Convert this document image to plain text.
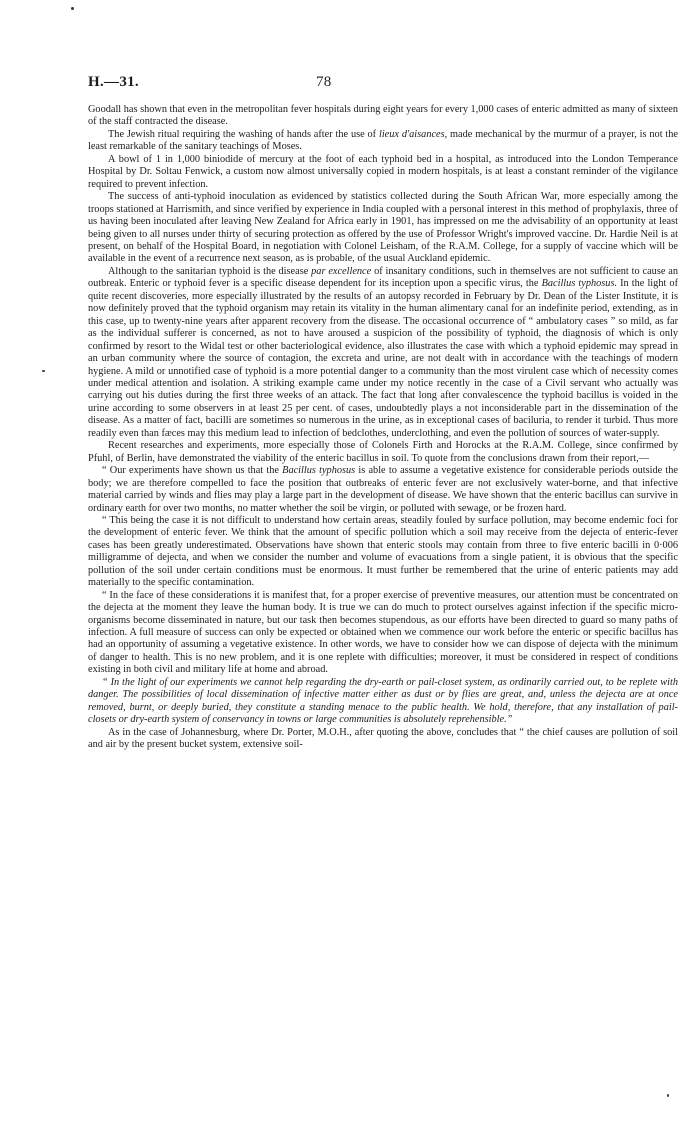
H.—31.	78

Goodall has shown that even in the metropolitan fever hospitals during eight years for every 1,000 cases of enteric admitted as many of sixteen of the staff contracted the disease.

The Jewish ritual requiring the washing of hands after the use of lieux d'aisances, made mechanical by the murmur of a prayer, is not the least remarkable of the sanitary teachings of Moses.

A bowl of 1 in 1,000 biniodide of mercury at the foot of each typhoid bed in a hospital, as introduced into the London Temperance Hospital by Dr. Soltau Fenwick, a custom now almost universally copied in modern hospitals, is at least a constant reminder of the vigilance required to prevent infection.

The success of anti-typhoid inoculation as evidenced by statistics collected during the South African War, more especially among the troops stationed at Harrismith, and since verified by experience in India coupled with a personal interest in this method of prophylaxis, three of us having been inoculated after leaving New Zealand for Africa early in 1901, has impressed on me the advisability of an opportunity at least being given to all nurses under thirty of securing protection as offered by the use of Professor Wright's improved vaccine. Dr. Hardie Neil is at present, on behalf of the Hospital Board, in negotiation with Colonel Leisham, of the R.A.M. College, for a supply of vaccine which will be available in the event of a recurrence next season, as is probable, of the usual Auckland epidemic.

Although to the sanitarian typhoid is the disease par excellence of insanitary conditions, such in themselves are not sufficient to cause an outbreak. Enteric or typhoid fever is a specific disease dependent for its inception upon a specific virus, the Bacillus typhosus. In the light of quite recent discoveries, more especially illustrated by the results of an autopsy recorded in February by Dr. Dean of the Lister Institute, it is now definitely proved that the typhoid organism may retain its vitality in the human alimentary canal for an indefinite period, extending, as in this case, up to twenty-nine years after apparent recovery from the disease. The occasional occurrence of “ ambulatory cases ” so mild, as far as the individual sufferer is concerned, as not to have aroused a suspicion of the possibility of typhoid, the diagnosis of which is only confirmed by resort to the Widal test or other bacteriological evidence, also illustrates the case with which a typhoid epidemic may spread in an urban community where the source of contagion, the excreta and urine, are not dealt with in accordance with the teachings of modern hygiene. A mild or unnotified case of typhoid is a more potential danger to a community than the most virulent case which of necessity comes under medical attention and isolation. A striking example came under my notice recently in the case of a Civil servant who actually was carrying out his duties during the first three weeks of an attack. The fact that long after convalescence the typhoid bacillus is voided in the urine according to some observers in at least 25 per cent. of cases, undoubtedly plays a not inconsiderable part in the dissemination of the disease. As a matter of fact, bacilli are sometimes so numerous in the urine, as in exceptional cases of baciluria, to render it turbid. Thus more readily even than fæces may this medium lead to infection of bedclothes, underclothing, and even the pollution of sources of water-supply.

Recent researches and experiments, more especially those of Colonels Firth and Horocks at the R.A.M. College, since confirmed by Pfuhl, of Berlin, have demonstrated the viability of the enteric bacillus in soil. To quote from the conclusions drawn from their report,—

“ Our experiments have shown us that the Bacillus typhosus is able to assume a vegetative existence for considerable periods outside the body; we are therefore compelled to face the position that outbreaks of enteric fever are not exclusively water-borne, and that infective material carried by winds and flies may play a large part in the development of disease. We have shown that the enteric bacillus can survive in ordinary earth for over two months, no matter whether the soil be virgin, or polluted with sewage, or be frozen hard.

“ This being the case it is not difficult to understand how certain areas, steadily fouled by surface pollution, may become endemic foci for the development of enteric fever. We think that the amount of specific pollution which a soil may receive from the dejecta of enteric-fever cases has been greatly underestimated. Observations have shown that enteric stools may contain from three to five enteric bacilli in 0·006 milligramme of dejecta, and when we consider the number and volume of evacuations from a single patient, it is obvious that the specific pollution of the soil under certain conditions must be enormous. It must further be remembered that the urine of enteric patients may add materially to the specific contamination.

“ In the face of these considerations it is manifest that, for a proper exercise of preventive measures, our attention must be concentrated on the dejecta at the moment they leave the human body. It is true we can do much to protect ourselves against infection if the specific micro-organisms become disseminated in nature, but our task then becomes stupendous, as our efforts have been directed to guard so many paths of infection. A full measure of success can only be expected or obtained when we commence our work before the enteric or specific bacillus has had an opportunity of assuming a vegetative existence. In other words, we have to consider how we can dispose of dejecta with the minimum of danger to health. This is no new problem, and it is one replete with difficulties; moreover, it must be considered in respect of conditions existing in both civil and military life at home and abroad.

“ In the light of our experiments we cannot help regarding the dry-earth or pail-closet system, as ordinarily carried out, to be replete with danger. The possibilities of local dissemination of infective matter either as dust or by flies are great, and, unless the dejecta are at once removed, burnt, or deeply buried, they constitute a standing menace to the public health. We hold, therefore, that any installation of pail-closets or dry-earth system of conservancy in towns or large communities is absolutely reprehensible.”

As in the case of Johannesburg, where Dr. Porter, M.O.H., after quoting the above, concludes that “ the chief causes are pollution of soil and air by the present bucket system, extensive soil-
